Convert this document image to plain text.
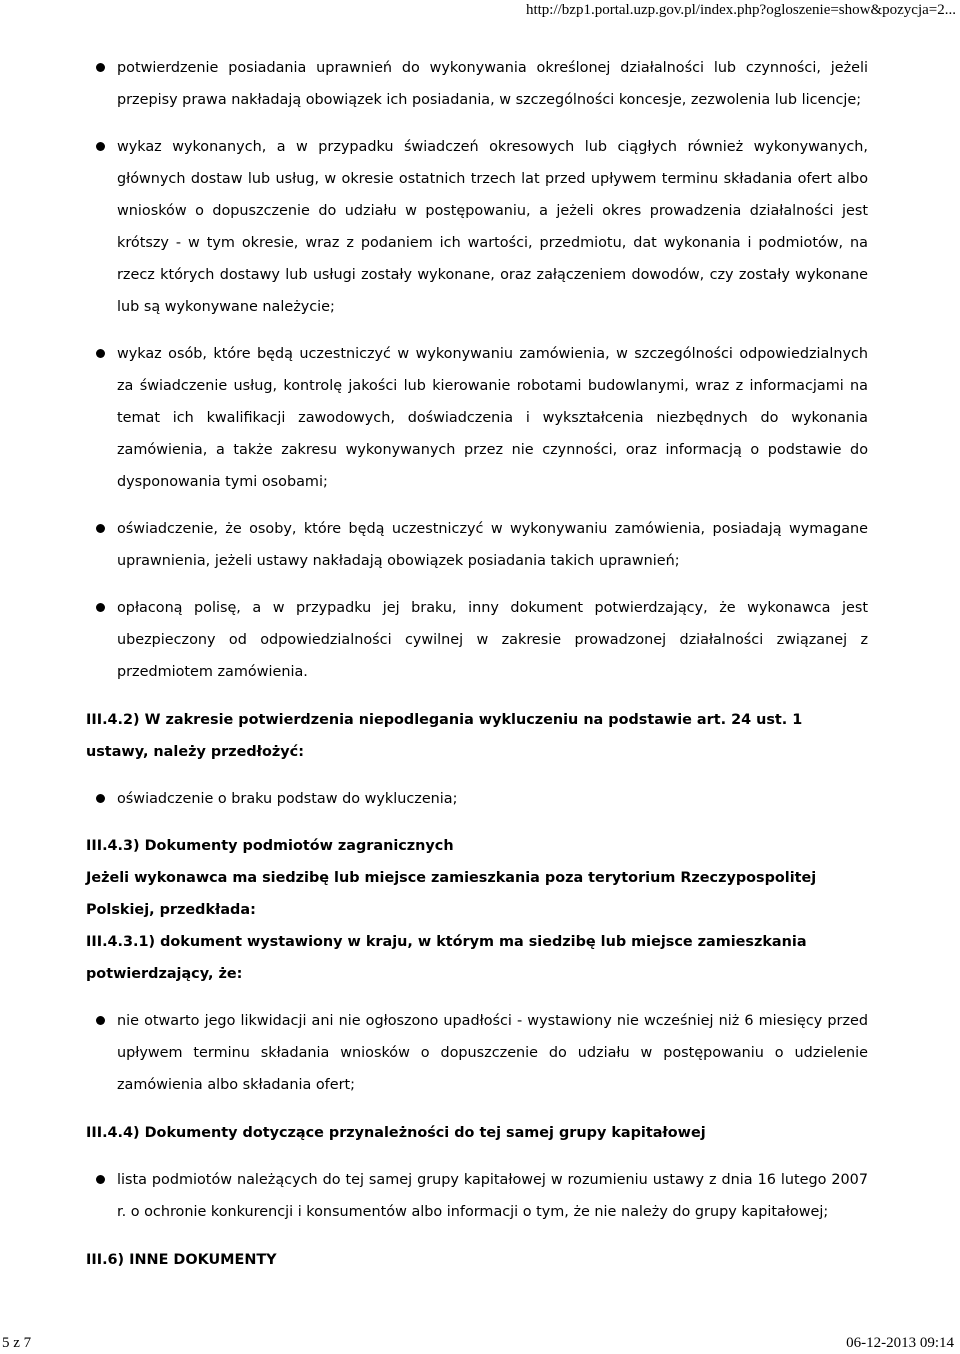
http://bzp1.portal.uzp.gov.pl/index.php?ogloszenie=show&pozycja=2...
potwierdzenie posiadania uprawnień do wykonywania określonej działalności lub czynności, jeżeli przepisy prawa nakładają obowiązek ich posiadania, w szczególności koncesje, zezwolenia lub licencje;
wykaz wykonanych, a w przypadku świadczeń okresowych lub ciągłych również wykonywanych, głównych dostaw lub usług, w okresie ostatnich trzech lat przed upływem terminu składania ofert albo wniosków o dopuszczenie do udziału w postępowaniu, a jeżeli okres prowadzenia działalności jest krótszy - w tym okresie, wraz z podaniem ich wartości, przedmiotu, dat wykonania i podmiotów, na rzecz których dostawy lub usługi zostały wykonane, oraz załączeniem dowodów, czy zostały wykonane lub są wykonywane należycie;
wykaz osób, które będą uczestniczyć w wykonywaniu zamówienia, w szczególności odpowiedzialnych za świadczenie usług, kontrolę jakości lub kierowanie robotami budowlanymi, wraz z informacjami na temat ich kwalifikacji zawodowych, doświadczenia i wykształcenia niezbędnych do wykonania zamówienia, a także zakresu wykonywanych przez nie czynności, oraz informacją o podstawie do dysponowania tymi osobami;
oświadczenie, że osoby, które będą uczestniczyć w wykonywaniu zamówienia, posiadają wymagane uprawnienia, jeżeli ustawy nakładają obowiązek posiadania takich uprawnień;
opłaconą polisę, a w przypadku jej braku, inny dokument potwierdzający, że wykonawca jest ubezpieczony od odpowiedzialności cywilnej w zakresie prowadzonej działalności związanej z przedmiotem zamówienia.

III.4.2) W zakresie potwierdzenia niepodlegania wykluczeniu na podstawie art. 24 ust. 1 ustawy, należy przedłożyć:

oświadczenie o braku podstaw do wykluczenia;

III.4.3) Dokumenty podmiotów zagranicznych

Jeżeli wykonawca ma siedzibę lub miejsce zamieszkania poza terytorium Rzeczypospolitej Polskiej, przedkłada:

III.4.3.1) dokument wystawiony w kraju, w którym ma siedzibę lub miejsce zamieszkania potwierdzający, że:

nie otwarto jego likwidacji ani nie ogłoszono upadłości - wystawiony nie wcześniej niż 6 miesięcy przed upływem terminu składania wniosków o dopuszczenie do udziału w postępowaniu o udzielenie zamówienia albo składania ofert;

III.4.4) Dokumenty dotyczące przynależności do tej samej grupy kapitałowej

lista podmiotów należących do tej samej grupy kapitałowej w rozumieniu ustawy z dnia 16 lutego 2007 r. o ochronie konkurencji i konsumentów albo informacji o tym, że nie należy do grupy kapitałowej;

III.6) INNE DOKUMENTY

5 z 7	06-12-2013 09:14
